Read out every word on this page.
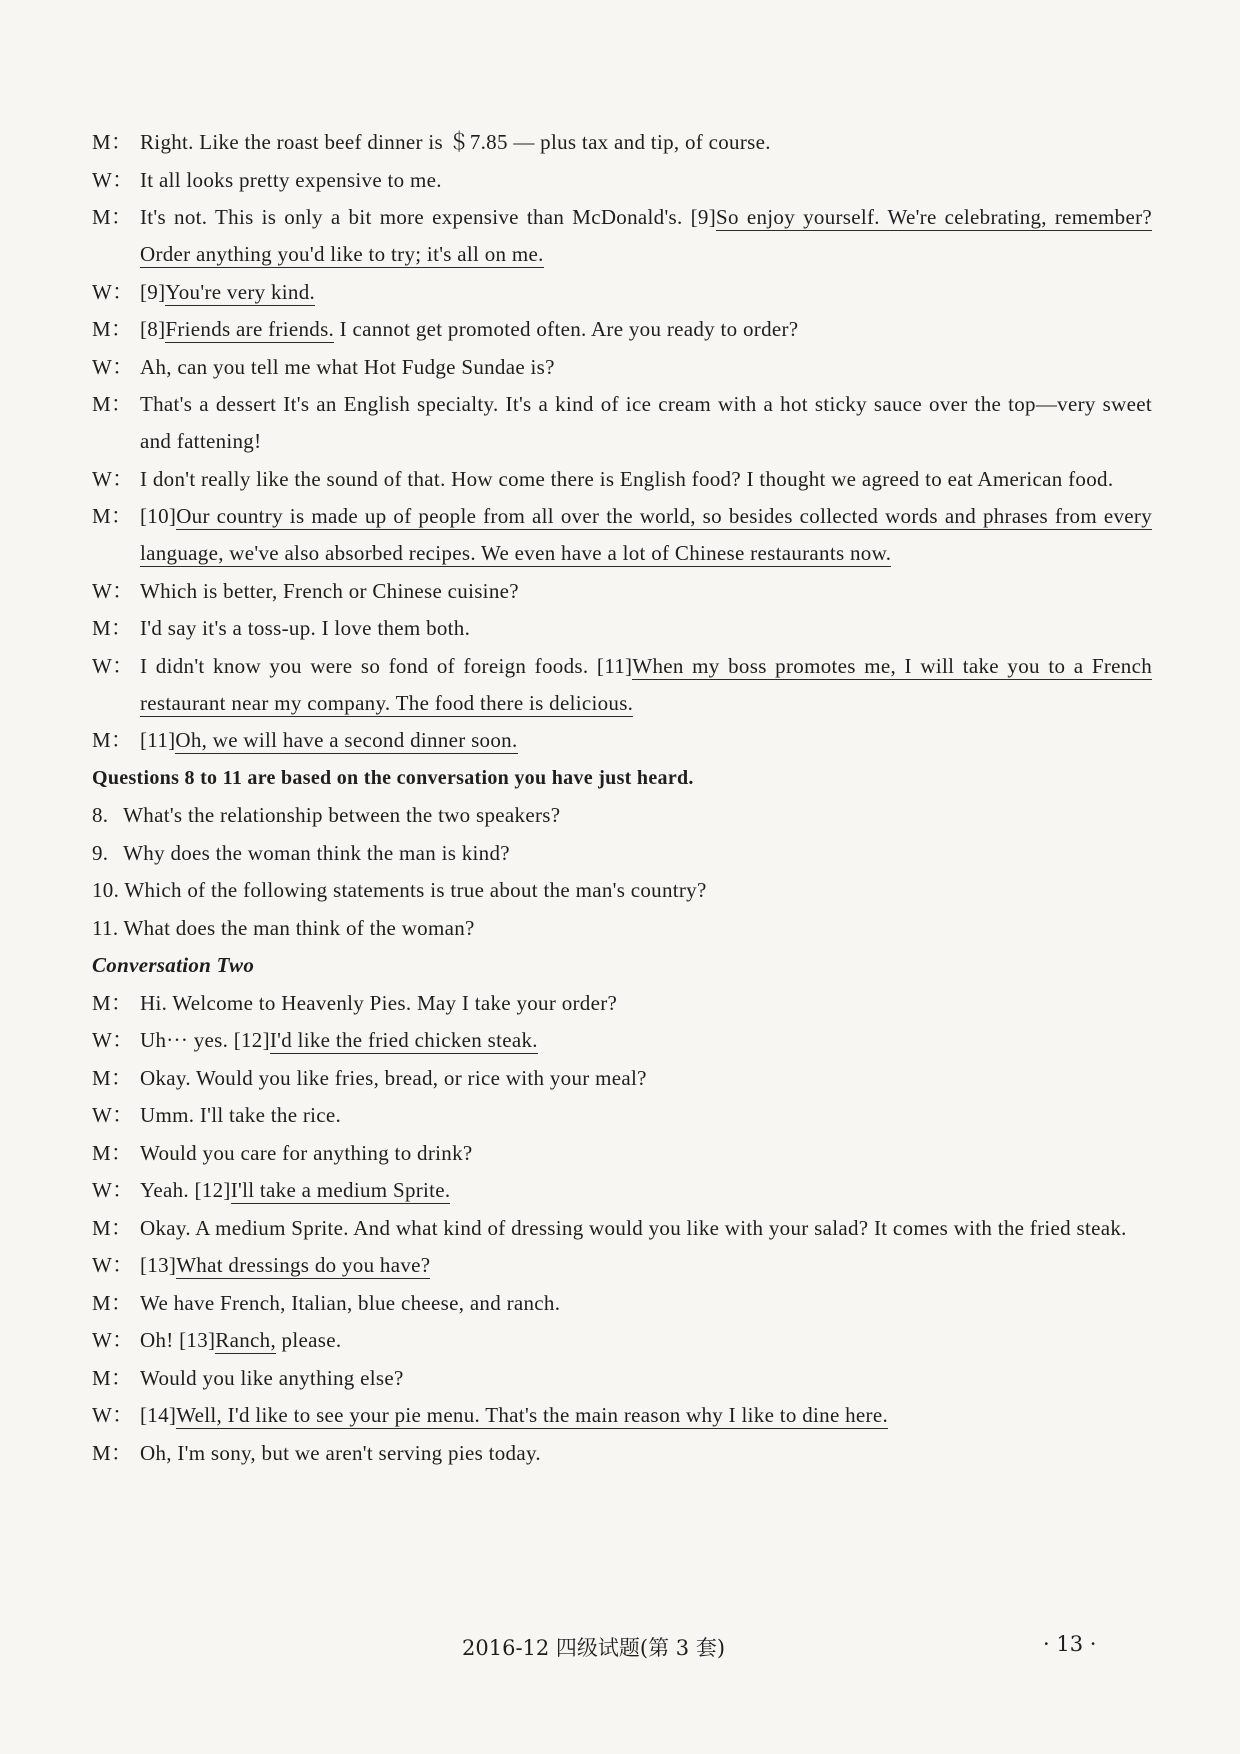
M： Right. Like the roast beef dinner is ＄7.85 — plus tax and tip, of course.
W： It all looks pretty expensive to me.
M： It's not. This is only a bit more expensive than McDonald's. [9]So enjoy yourself. We're celebrating, remember? Order anything you'd like to try; it's all on me.
W： [9]You're very kind.
M： [8]Friends are friends. I cannot get promoted often. Are you ready to order?
W： Ah, can you tell me what Hot Fudge Sundae is?
M： That's a dessert It's an English specialty. It's a kind of ice cream with a hot sticky sauce over the top—very sweet and fattening!
W： I don't really like the sound of that. How come there is English food? I thought we agreed to eat American food.
M： [10]Our country is made up of people from all over the world, so besides collected words and phrases from every language, we've also absorbed recipes. We even have a lot of Chinese restaurants now.
W： Which is better, French or Chinese cuisine?
M： I'd say it's a toss-up. I love them both.
W： I didn't know you were so fond of foreign foods. [11]When my boss promotes me, I will take you to a French restaurant near my company. The food there is delicious.
M： [11]Oh, we will have a second dinner soon.
Questions 8 to 11 are based on the conversation you have just heard.
8. What's the relationship between the two speakers?
9. Why does the woman think the man is kind?
10. Which of the following statements is true about the man's country?
11. What does the man think of the woman?
Conversation Two
M： Hi. Welcome to Heavenly Pies. May I take your order?
W： Uh··· yes. [12]I'd like the fried chicken steak.
M： Okay. Would you like fries, bread, or rice with your meal?
W： Umm. I'll take the rice.
M： Would you care for anything to drink?
W： Yeah. [12]I'll take a medium Sprite.
M： Okay. A medium Sprite. And what kind of dressing would you like with your salad? It comes with the fried steak.
W： [13]What dressings do you have?
M： We have French, Italian, blue cheese, and ranch.
W： Oh! [13]Ranch, please.
M： Would you like anything else?
W： [14]Well, I'd like to see your pie menu. That's the main reason why I like to dine here.
M： Oh, I'm sony, but we aren't serving pies today.
2016-12 四级试题(第 3 套)	· 13 ·
